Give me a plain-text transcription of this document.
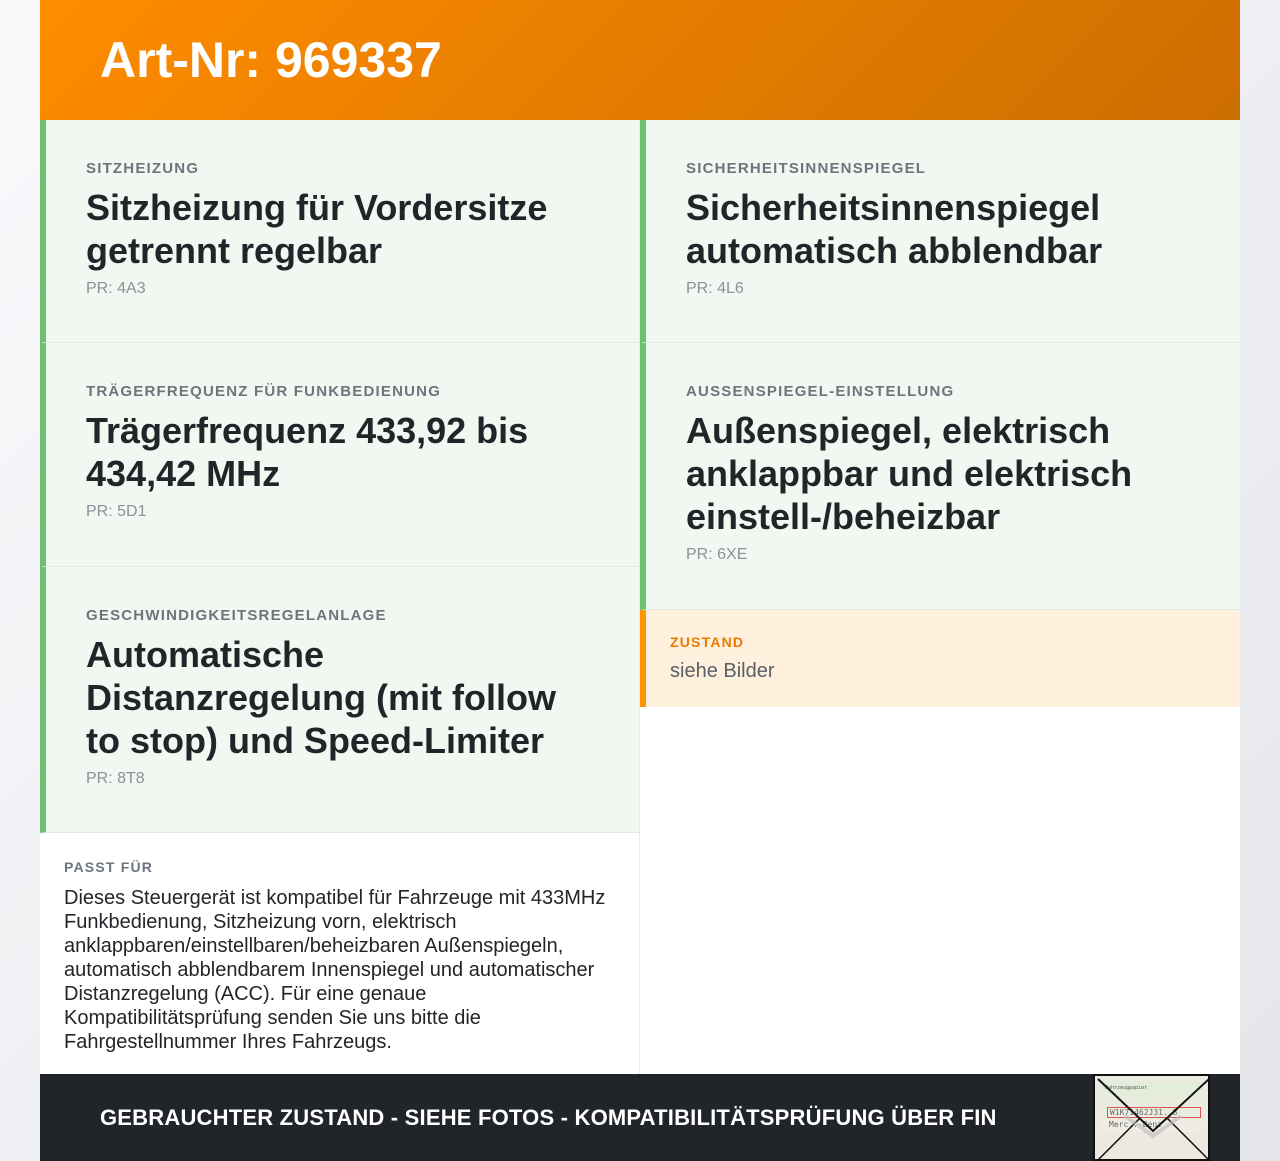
Art-Nr: 969337
SITZHEIZUNG
Sitzheizung für Vordersitze getrennt regelbar
PR: 4A3
TRÄGERFREQUENZ FÜR FUNKBEDIENUNG
Trägerfrequenz 433,92 bis 434,42 MHz
PR: 5D1
GESCHWINDIGKEITSREGELANLAGE
Automatische Distanzregelung (mit follow to stop) und Speed-Limiter
PR: 8T8
PASST FÜR
Dieses Steuergerät ist kompatibel für Fahrzeuge mit 433MHz Funkbedienung, Sitzheizung vorn, elektrisch anklappbaren/einstellbaren/beheizbaren Außenspiegeln, automatisch abblendbarem Innenspiegel und automatischer Distanzregelung (ACC). Für eine genaue Kompatibilitätsprüfung senden Sie uns bitte die Fahrgestellnummer Ihres Fahrzeugs.
SICHERHEITSINNENSPIEGEL
Sicherheitsinnenspiegel automatisch abblendbar
PR: 4L6
AUSSENSPIEGEL-EINSTELLUNG
Außenspiegel, elektrisch anklappbar und elektrisch einstell-/beheizbar
PR: 6XE
ZUSTAND
siehe Bilder
GEBRAUCHTER ZUSTAND - SIEHE FOTOS - KOMPATIBILITÄTSPRÜFUNG ÜBER FIN
Fahrzeugpapier
W1K71462J31..8
Merc..-Benz
